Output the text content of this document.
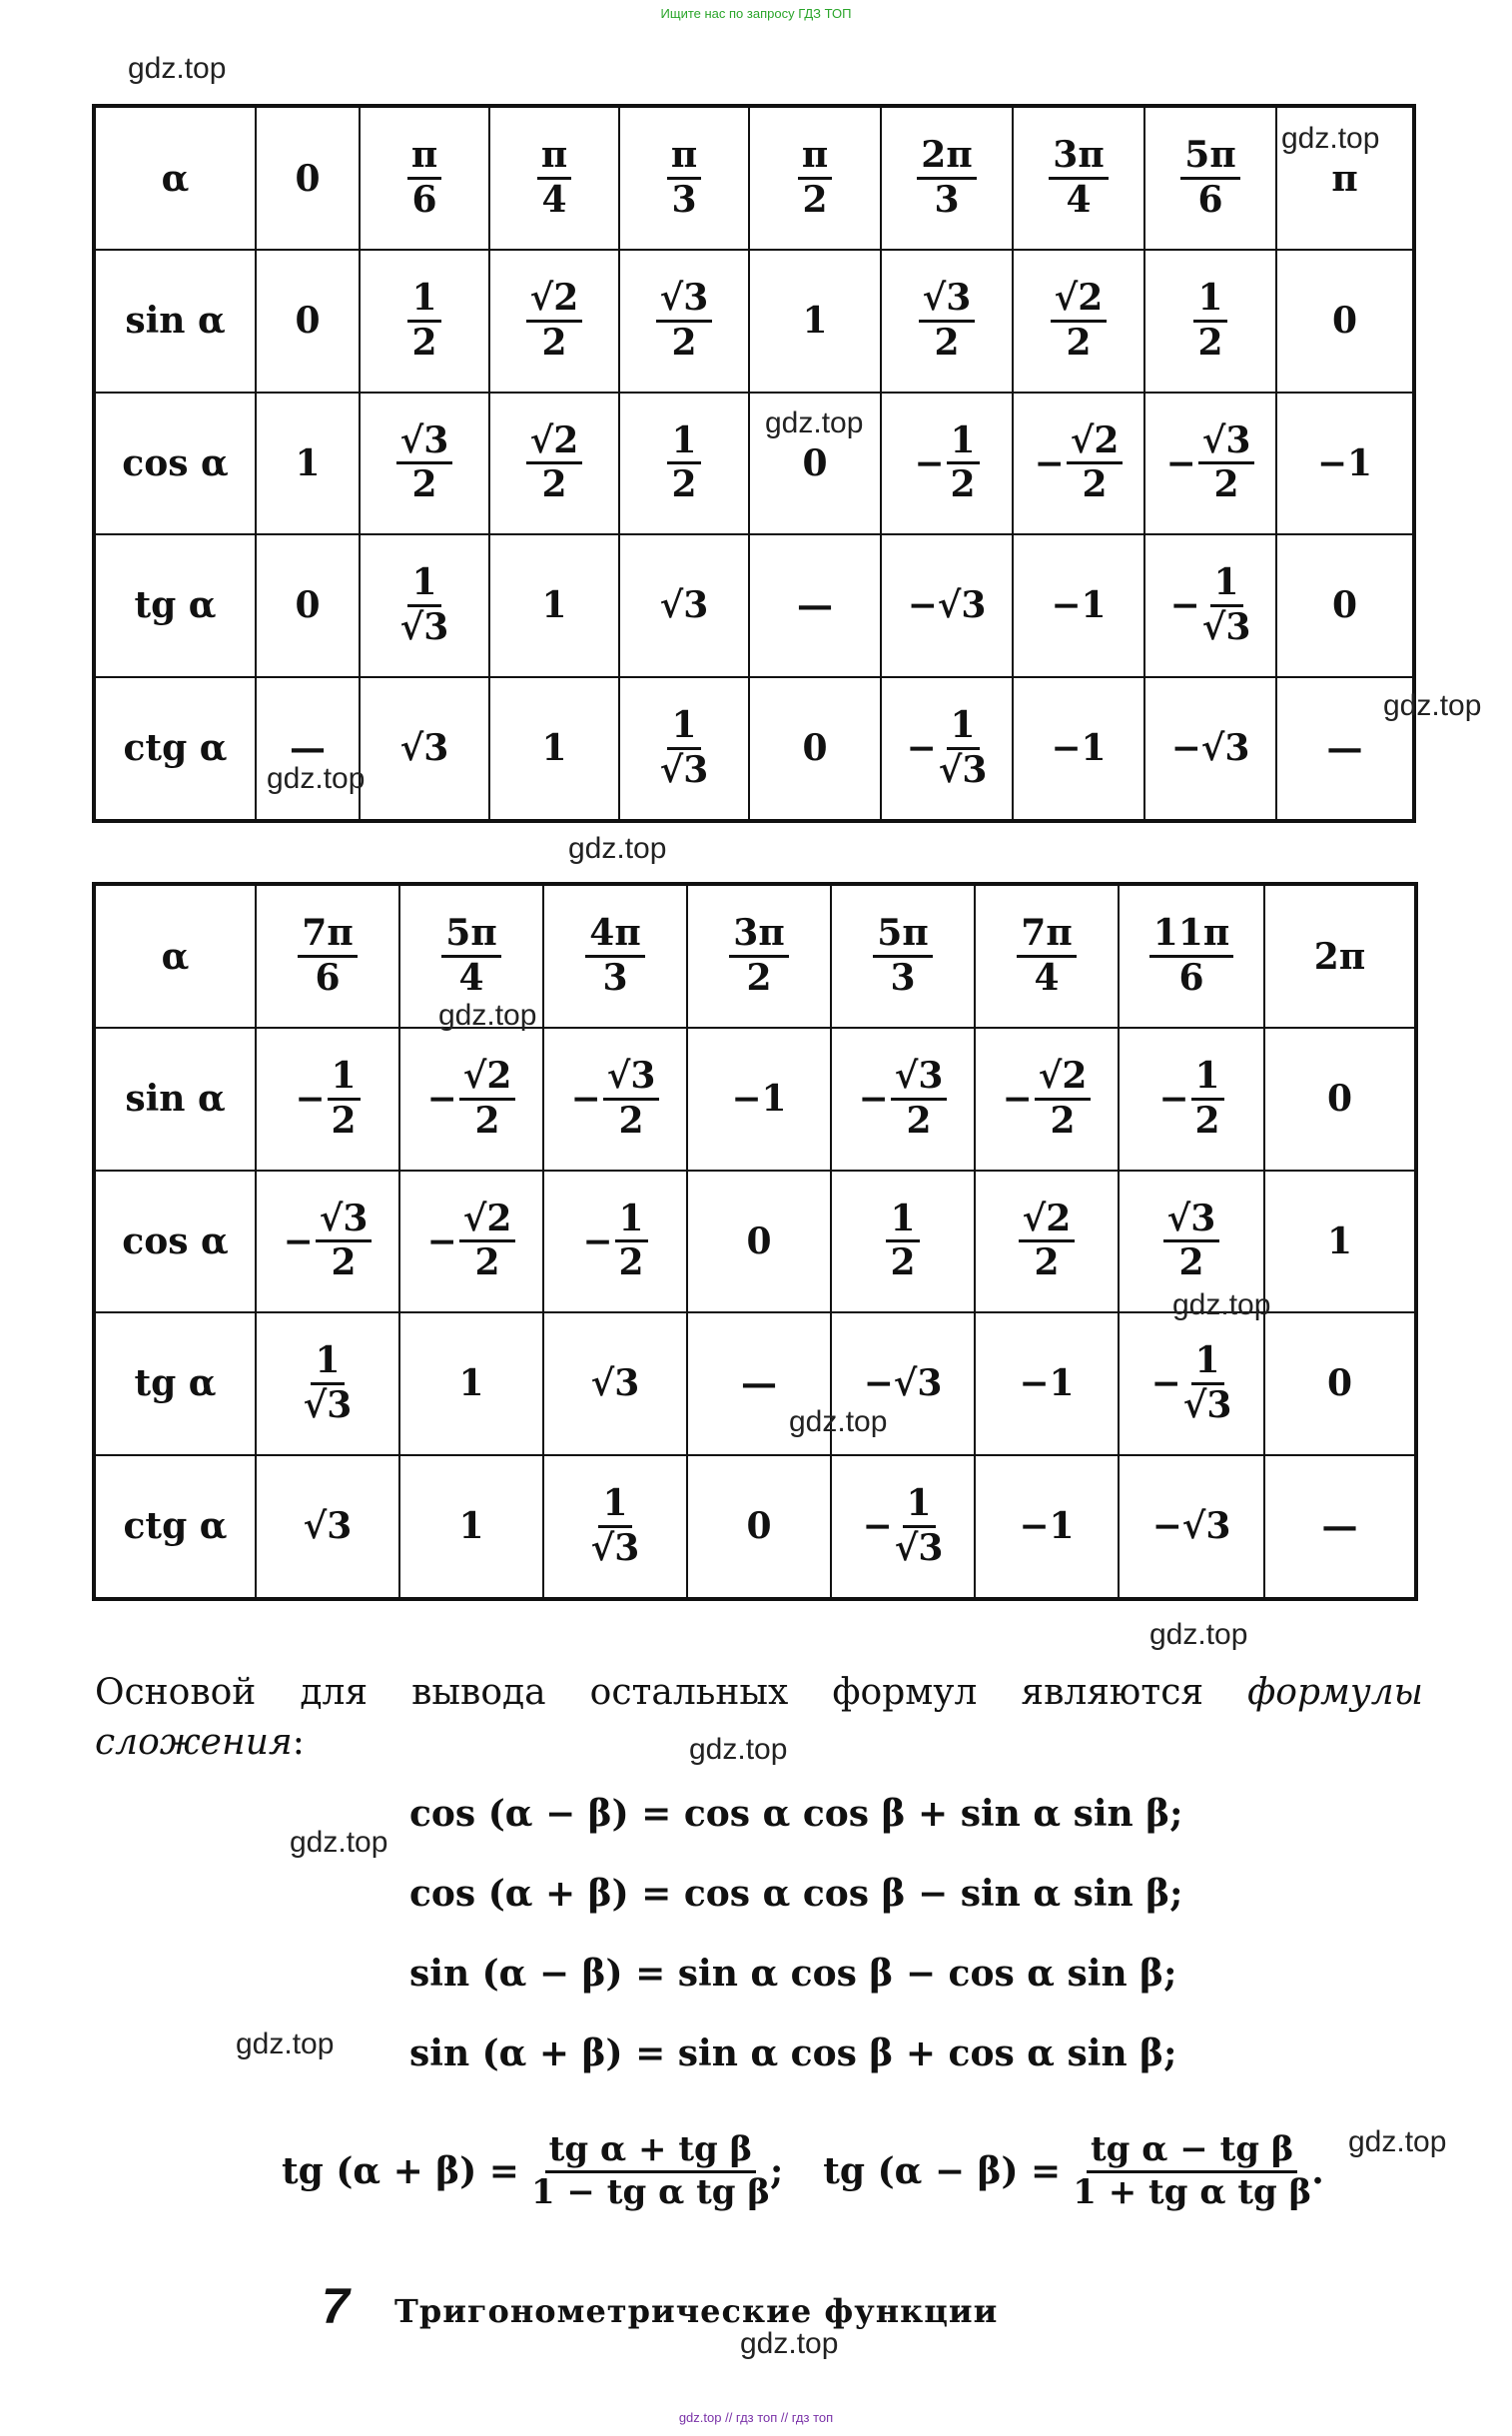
Ищите нас по запросу ГДЗ ТОП
α	0	$\frac{\pi}{6}$	$\frac{\pi}{4}$	$\frac{\pi}{3}$	$\frac{\pi}{2}$	$\frac{2\pi}{3}$	$\frac{3\pi}{4}$	$\frac{5\pi}{6}$	π
sin α	0	$\frac{1}{2}$	$\frac{√2}{2}$	$\frac{√3}{2}$	1	$\frac{√3}{2}$	$\frac{√2}{2}$	$\frac{1}{2}$	0
cos α	1	$\frac{√3}{2}$	$\frac{√2}{2}$	$\frac{1}{2}$	0	− $\frac{1}{2}$	− $\frac{√2}{2}$	− $\frac{√3}{2}$	−1
tg α	0	$\frac{1}{√3}$	1	√3	—	−√3	−1	− $\frac{1}{√3}$	0
ctg α	—	√3	1	$\frac{1}{√3}$	0	− $\frac{1}{√3}$	−1	−√3	—
α	$\frac{7\pi}{6}$	$\frac{5\pi}{4}$	$\frac{4\pi}{3}$	$\frac{3\pi}{2}$	$\frac{5\pi}{3}$	$\frac{7\pi}{4}$	$\frac{11\pi}{6}$	2π
sin α	− $\frac{1}{2}$	− $\frac{√2}{2}$	− $\frac{√3}{2}$	−1	− $\frac{√3}{2}$	− $\frac{√2}{2}$	− $\frac{1}{2}$	0
cos α	− $\frac{√3}{2}$	− $\frac{√2}{2}$	− $\frac{1}{2}$	0	$\frac{1}{2}$	$\frac{√2}{2}$	$\frac{√3}{2}$	1
tg α	$\frac{1}{√3}$	1	√3	—	−√3	−1	− $\frac{1}{√3}$	0
ctg α	√3	1	$\frac{1}{√3}$	0	− $\frac{1}{√3}$	−1	−√3	—
Основой для вывода остальных формул являются формулы сложения:
cos (α − β) = cos α cos β + sin α sin β;
cos (α + β) = cos α cos β − sin α sin β;
sin (α − β) = sin α cos β − cos α sin β;
sin (α + β) = sin α cos β + cos α sin β;
tg $(\alpha + \beta) = \frac{\text{tg α + tg β}}{\text{1 − tg α tg β}}$ ; tg $(\alpha - \beta) = \frac{\text{tg α − tg β}}{\text{1 + tg α tg β}}$ .
7 Тригонометрические функции
gdz.top
gdz.top
gdz.top
gdz.top
gdz.top
gdz.top
gdz.top
gdz.top
gdz.top
gdz.top
gdz.top
gdz.top
gdz.top
gdz.top
gdz.top
gdz.top // гдз топ // гдз топ
